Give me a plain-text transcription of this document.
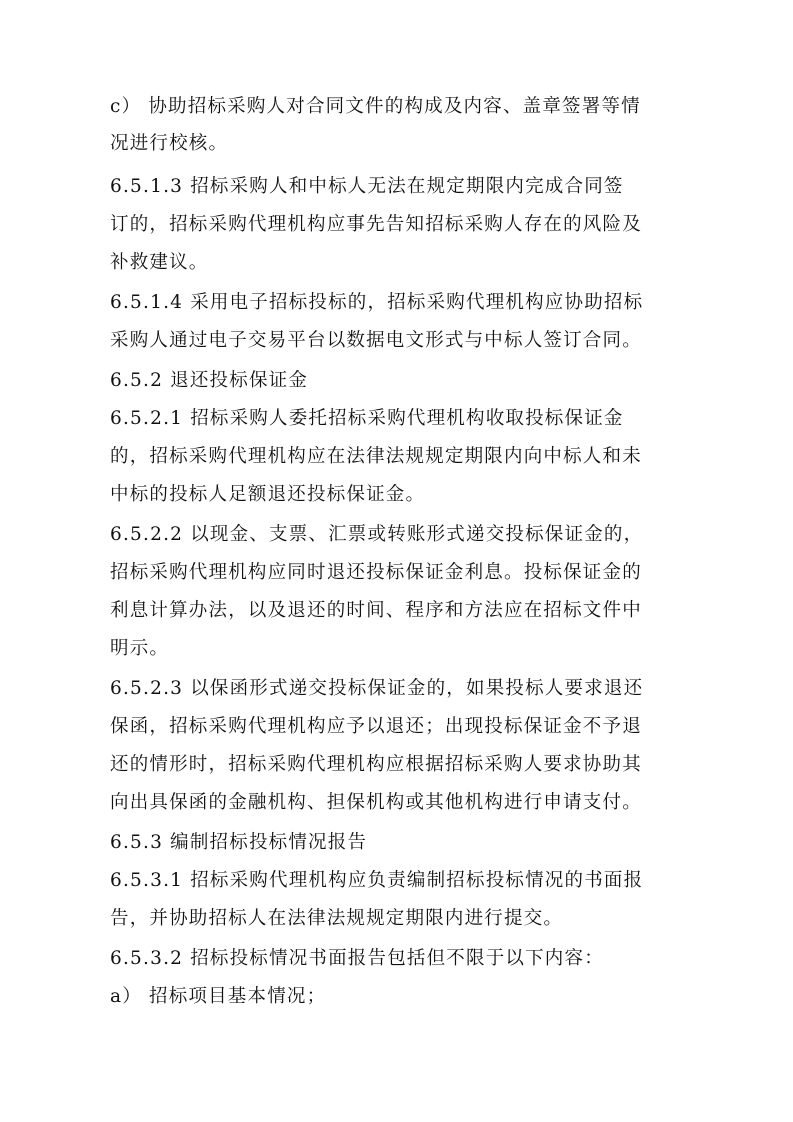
c） 协助招标采购人对合同文件的构成及内容、盖章签署等情
况进行校核。
6.5.1.3 招标采购人和中标人无法在规定期限内完成合同签
订的，招标采购代理机构应事先告知招标采购人存在的风险及
补救建议。
6.5.1.4 采用电子招标投标的，招标采购代理机构应协助招标
采购人通过电子交易平台以数据电文形式与中标人签订合同。
6.5.2 退还投标保证金
6.5.2.1 招标采购人委托招标采购代理机构收取投标保证金
的，招标采购代理机构应在法律法规规定期限内向中标人和未
中标的投标人足额退还投标保证金。
6.5.2.2 以现金、支票、汇票或转账形式递交投标保证金的，
招标采购代理机构应同时退还投标保证金利息。投标保证金的
利息计算办法，以及退还的时间、程序和方法应在招标文件中
明示。
6.5.2.3 以保函形式递交投标保证金的，如果投标人要求退还
保函，招标采购代理机构应予以退还；出现投标保证金不予退
还的情形时，招标采购代理机构应根据招标采购人要求协助其
向出具保函的金融机构、担保机构或其他机构进行申请支付。
6.5.3 编制招标投标情况报告
6.5.3.1 招标采购代理机构应负责编制招标投标情况的书面报
告，并协助招标人在法律法规规定期限内进行提交。
6.5.3.2 招标投标情况书面报告包括但不限于以下内容：
a） 招标项目基本情况；
